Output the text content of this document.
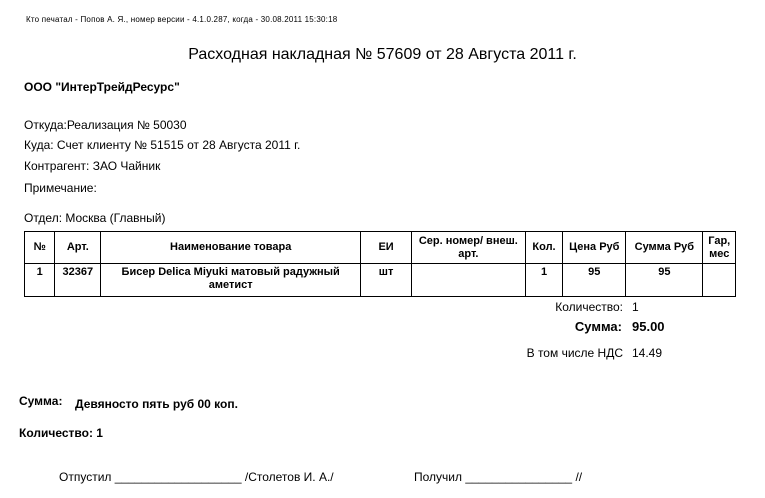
Кто печатал - Попов А. Я., номер версии - 4.1.0.287, когда - 30.08.2011 15:30:18
Расходная накладная № 57609 от 28 Августа 2011 г.
ООО "ИнтерТрейдРесурс"
Откуда:Реализация № 50030
Куда: Счет клиенту № 51515 от 28 Августа 2011 г.
Контрагент: ЗАО Чайник
Примечание:
Отдел: Москва (Главный)
№	Арт.	Наименование товара	ЕИ	Сер. номер/ внеш. арт.	Кол.	Цена Руб	Сумма Руб	Гар, мес
1	32367	Бисер Delica Miyuki матовый радужный аметист	шт		1	95	95	
Количество: 1
Сумма: 95.00
В том числе НДС 14.49
Сумма: Девяносто пять руб 00 коп.
Количество: 1
Отпустил ___________________ /Столетов И. А./	Получил ________________ //
